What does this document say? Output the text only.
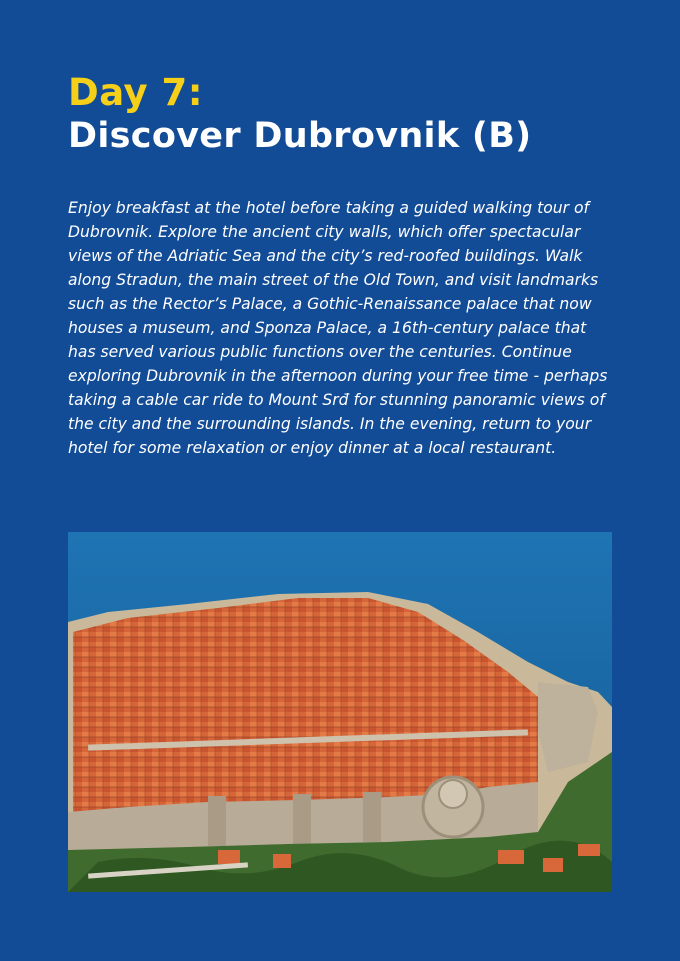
Day 7:
Discover Dubrovnik (B)

Enjoy breakfast at the hotel before taking a guided walking tour of Dubrovnik. Explore the ancient city walls, which offer spectacular views of the Adriatic Sea and the city’s red-roofed buildings. Walk along Stradun, the main street of the Old Town, and visit landmarks such as the Rector’s Palace, a Gothic-Renaissance palace that now houses a museum, and Sponza Palace, a 16th-century palace that has served various public functions over the centuries. Continue exploring Dubrovnik in the afternoon during your free time - perhaps taking a cable car ride to Mount Srđ for stunning panoramic views of the city and the surrounding islands. In the evening, return to your hotel for some relaxation or enjoy dinner at a local restaurant.
